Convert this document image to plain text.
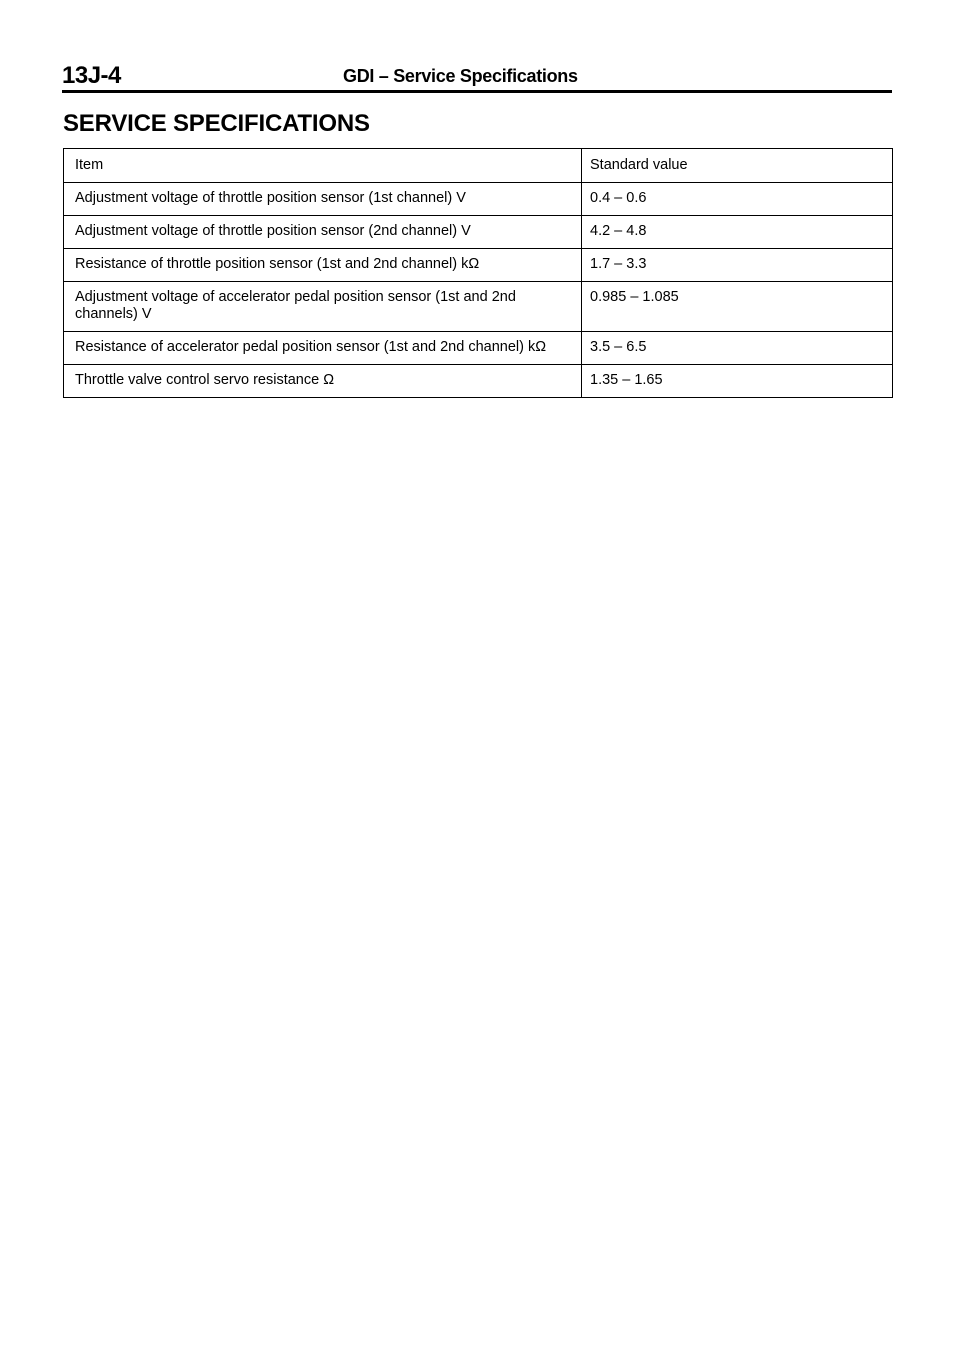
13J-4	GDI – Service Specifications
SERVICE SPECIFICATIONS
Item	Standard value
Adjustment voltage of throttle position sensor (1st channel) V	0.4 – 0.6
Adjustment voltage of throttle position sensor (2nd channel) V	4.2 – 4.8
Resistance of throttle position sensor (1st and 2nd channel) kΩ	1.7 – 3.3
Adjustment voltage of accelerator pedal position sensor (1st and 2nd channels) V	0.985 – 1.085
Resistance of accelerator pedal position sensor (1st and 2nd channel) kΩ	3.5 – 6.5
Throttle valve control servo resistance Ω	1.35 – 1.65
